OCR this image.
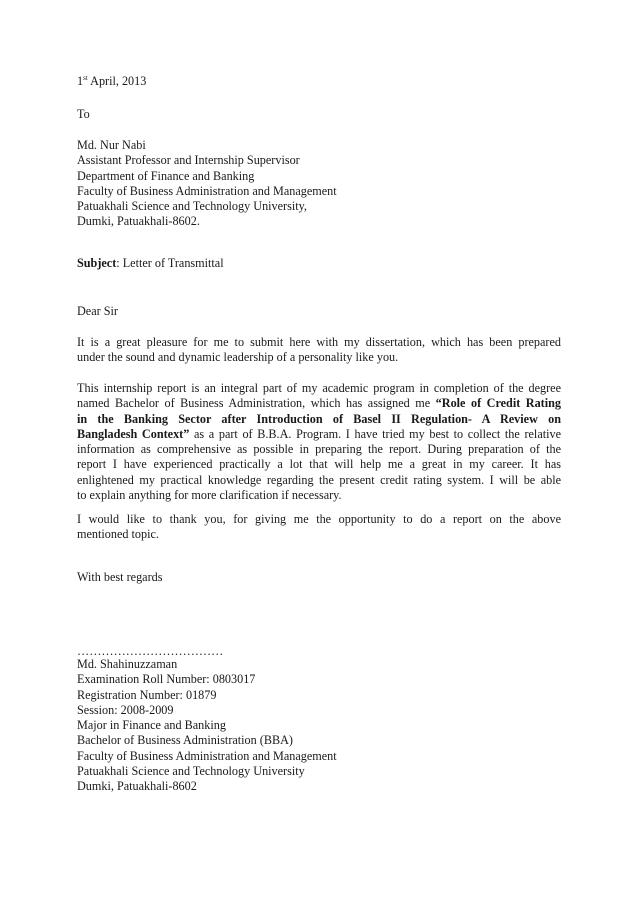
1st April, 2013
To
Md. Nur Nabi
Assistant Professor and Internship Supervisor
Department of Finance and Banking
Faculty of Business Administration and Management
Patuakhali Science and Technology University,
Dumki, Patuakhali-8602.
Subject: Letter of Transmittal
Dear Sir
It is a great pleasure for me to submit here with my dissertation, which has been prepared
under the sound and dynamic leadership of a personality like you.
This internship report is an integral part of my academic program in completion of the degree
named Bachelor of Business Administration, which has assigned me “Role of Credit Rating
in the Banking Sector after Introduction of Basel II Regulation- A Review on
Bangladesh Context” as a part of B.B.A. Program. I have tried my best to collect the relative
information as comprehensive as possible in preparing the report. During preparation of the
report I have experienced practically a lot that will help me a great in my career. It has
enlightened my practical knowledge regarding the present credit rating system. I will be able
to explain anything for more clarification if necessary.
I would like to thank you, for giving me the opportunity to do a report on the above
mentioned topic.
With best regards
………………………………
Md. Shahinuzzaman
Examination Roll Number: 0803017
Registration Number: 01879
Session: 2008-2009
Major in Finance and Banking
Bachelor of Business Administration (BBA)
Faculty of Business Administration and Management
Patuakhali Science and Technology University
Dumki, Patuakhali-8602
